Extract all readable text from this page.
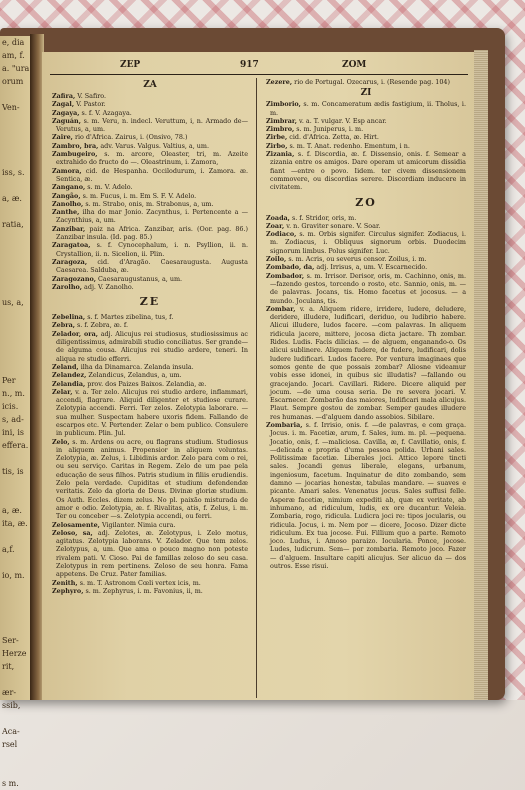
e, dia
am, f.
a. "ura
orum

Ven-

iss, s.

a, æ.

ratia,

us, a,

Per
n., m.
icis.
s, ad-
ini, is
effera.

tis, is

a, æ.
ita, æ.

a,f.

io, m.

Ser-
Herze
rit,

ær-
ssib,

Aca-
rsel

s m.
ZEP	917	ZOM
ZA

Zafira, V. Safiro.

Zagal, V. Pastor.

Zagaya, s. f. V. Azagaya.

Zaguán, s. m. Veru, n. indecl. Veruttum, i, n. Armado de— Verutus, a, um.

Zaire, rio d'Africa. Zairus, i. (Onsivo, 78.)

Zambro, bra, adv. Varus. Valgus. Valtius, a, um.

Zambugeiro, s. m. arcore, Oleaster, tri, m. Azeite extrahido do fructo do —. Oleastrinum, i. Zamora,

Zamora, cid. de Hespanha. Occilodurum, i. Zamora. æ. Sentica, æ.

Zangano, s. m. V. Adelo.

Zangão, s. m. Fucus, i. m. Em S. F. V. Adelo.

Zanolho, s. m. Strabo, onis, m. Strabonus, a, um.

Zanthe, ilha do mar Jonio. Zacynthus, i. Pertencente a — Zacynthius, a, um.

Zanzibar, paiz na Africa. Zanzibar, aris. (Oor. pag. 86.) Zanzibar insula. (Id. pag. 85.)

Zaragatoa, s. f. Cynocephalum, i. n. Psyllion, ii. n. Crystallion, ii. n. Sicelion, ii. Plin.

Zaragoza, cid. d'Aragão. Caesaraugusta. Augusta Caesarea. Salduba, æ.

Zaragozano, Caesaraugustanus, a, um.

Zarolho, adj. V. Zanolho.

ZE

Zebelina, s. f. Martes zibelina, tus, f.

Zebra, s. f. Zebra, æ. f.

Zelador, ora, adj. Alicujus rei studiosus, studiosissimus ac diligentissimus, admirabili studio conciliatus. Ser grande— de alguma cousa. Alicujus rei studio ardere, teneri. In aliqua re studio efferri.

Zeland, ilha da Dinamarca. Zelanda insula.

Zelandez, Zelandicus, Zelandus, a, um.

Zelandia, prov. dos Paizes Baixos. Zelandia, æ.

Zelar, v. a. Ter zelo. Alicujus rei studio ardere, inflammari, accendi, flagrare. Aliquid diligenter et studiose curare. Zelotypia accendi. Ferri. Ter zelos. Zelotypia laborare. —sua mulher. Suspectam habere uxoris fidem. Fallando de escarpos etc. V. Pertender. Zelar o bem publico. Consulere in publicum. Plin. Jul.

Zelo, s. m. Ardens ou acre, ou flagrans studium. Studiosus in aliquem animus. Propensior in aliquem voluntas. Zelotypia, æ. Zelus, i. Libidinis ardor. Zelo para com o rei, ou seu serviço. Caritas in Regem. Zelo de um pae pela educação de seus filhos. Patris studium in filiis erudiendis. Zelo pela verdade. Cupiditas et studium defendendæ veritatis. Zelo da gloria de Deus. Divinæ gloriæ studium. Os Auth. Eccles. dizem zelus. No pl. paixão misturada de amor e odio. Zelotypia, æ. f. Rivalitas, atis, f. Zelus, i. m. Ter ou conceber —s. Zelotypia accendi, ou ferri.

Zelosamente, Vigilanter. Nimia cura.

Zeloso, sa, adj. Zelotes, æ. Zelotypus, i. Zelo motus, agitatus. Zelotypia laborans. V. Zelador. Que tem zelos. Zelotypus, a, um. Que ama o pouco magno non poteste rivalem pati. V. Cioso. Pai de famillas zeloso do seu casa. Zelotypus in rem pertinens. Zeloso de seu honra. Fama appetens. De Cruz. Pater familias.

Zenith, s. m. T. Astronom Cœli vertex icis, m.

Zephyro, s. m. Zephyrus, i. m. Favonius, ii, m.

Zezere, rio de Portugal. Ozecarus, i. (Resende pag. 104)

ZI

Zimborio, s. m. Concameratum ædis fastigium, ii. Tholus, i. m.

Zimbrar, v. a. T. vulgar. V. Esp ancar.

Zimbro, s. m. Juniperus, i. m.

Zirbe, cid. d'Africa. Zetta, æ. Hirt.

Zirbo, s. m. T. Anat. redenho. Ementum, i n.

Zizania, s. f. Discordia, æ. f. Dissensio, onis. f. Semear a zizania entre os amigos. Dare operam ut amicorum dissidia fiant —entre o povo. Iidem. ter civem dissensionem commovere, ou discordias serere. Discordiam inducere in civitatem.

ZO

Zoada, s. f. Stridor, oris, m.

Zoar, v. n. Graviter sonare. V. Soar.

Zodiaco, s. m. Orbis signifer. Circulus signifer. Zodiacus, i. m. Zodiacus, i. Obliquus signorum orbis. Duodecim signorum limbus. Polus signifer. Luc.

Zoilo, s. m. Acris, ou severus censor. Zoilus, i. m.

Zombado, da, adj. Irrisus, a, um. V. Escarnecido.

Zombador, s. m. Irrisor. Derisor, oris, m. Cachinno, onis, m. —fazendo gestos, torcendo o rosto, etc. Sannio, onis, m. — de palavras. Jocans, tis. Homo facetus et jocosus. — a mundo. Joculans, tis.

Zombar, v. a. Aliquem ridere, irridere, ludere, deludere, deridere, illudere, ludificari, deriduo, ou ludibrio habere. Alicui illudere, ludos facere. —com palavras. In aliquem ridicula jacere, mittere, jocosa dicta jactare. Th zombar. Rides. Ludis. Facis dilicias. — de alguem, enganando-o. Os alicui sublinere. Aliquem fudere, de fudere, ludificari, dolis ludere ludificari. Ludos facere. Por ventura imaginaes que somos gente de que possais zombar? Aliosne videamur vobis esse idonei, in quibus sic illudatis? —fallando ou gracejando. Jocari. Cavillari. Ridere. Dicere aliquid per jocum. —de uma cousa seria. De re severa jocari. V. Escarnecer. Zombarão das maiores, ludificari mala alicujus. Plaut. Sempre gostou de zombar. Semper gaudes illudere res humanas. —d'alguem dando assobios. Sibilare.

Zombaria, s. f. Irrisio, onis. f. —de palavras, e com graça. Jocus. i. m. Facetiæ, arum, f. Sales, ium. m. pl. —pequena. Jocatio, onis, f. —maliciosa. Cavilla, æ, f. Cavillatio, onis, f. —delicada e propria d'uma pessoa polida. Urbani sales. Politissimæ facetiæ. Liberales joci. Attico lepore tincti sales. Jocandi genus liberale, elegans, urbanum, ingeniosum, facetum. Inquinatur de dito zombando, sem damno — jocarias honestæ, tabulas mandare. — suaves e picante. Amari sales. Venenatus jocus. Sales suffusi felle. Asperæ facetiæ, nimium expediti ab, quæ ex veritate, ab inhumano, ad ridiculum, ludis, ex ore ducantur. Veleia. Zombaria, rogo, ridicula. Ludicra joci re: tipos jocularis, ou ridicula. Jocus, i. m. Nem por — dicere, Jocoso. Dizer dicte ridiculum. Ex tua jocose. Fui. Fillium quo a parte. Remoto joco. Ludus, i. Amoso paraizo. Iocularia. Ponce, jocose. Ludes, ludicrum. Sem— por zombaria. Remoto joco. Fazer — d'alguem. Insultare capiti alicujus. Ser alicuo da — dos outros. Esse risui.
